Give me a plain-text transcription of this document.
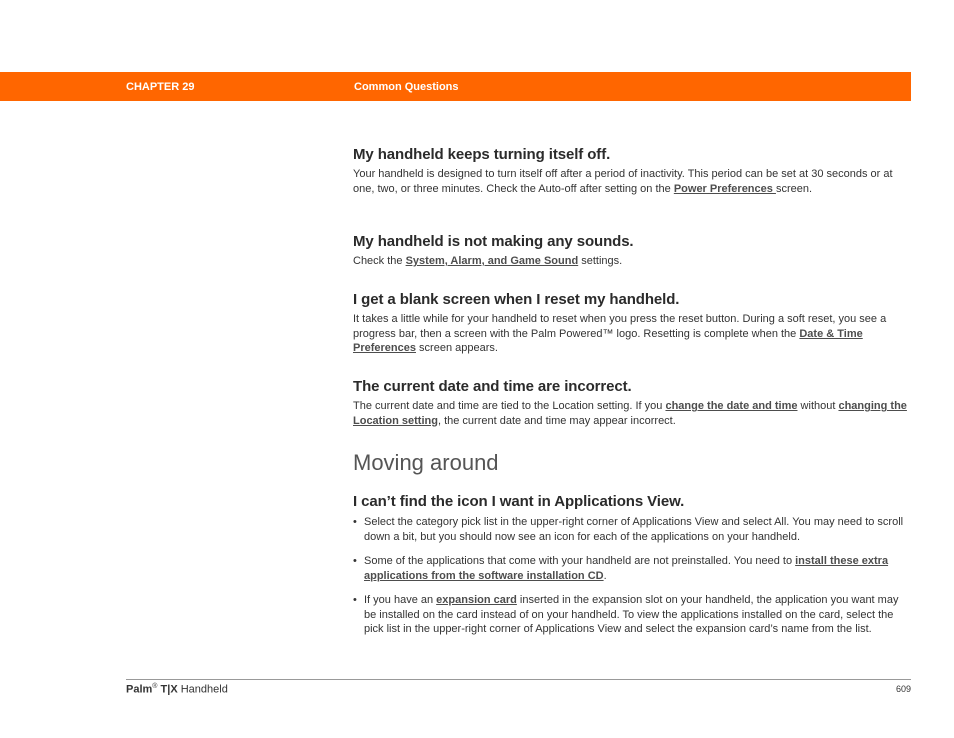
CHAPTER 29	Common Questions
My handheld keeps turning itself off.

Your handheld is designed to turn itself off after a period of inactivity. This period can be set at 30 seconds or at one, two, or three minutes. Check the Auto-off after setting on the Power Preferences screen.

My handheld is not making any sounds.

Check the System, Alarm, and Game Sound settings.

I get a blank screen when I reset my handheld.

It takes a little while for your handheld to reset when you press the reset button. During a soft reset, you see a progress bar, then a screen with the Palm Powered™ logo. Resetting is complete when the Date & Time Preferences screen appears.

The current date and time are incorrect.

The current date and time are tied to the Location setting. If you change the date and time without changing the Location setting, the current date and time may appear incorrect.

Moving around
I can’t find the icon I want in Applications View.
• Select the category pick list in the upper-right corner of Applications View and select All. You may need to scroll down a bit, but you should now see an icon for each of the applications on your handheld.
• Some of the applications that come with your handheld are not preinstalled. You need to install these extra applications from the software installation CD.
• If you have an expansion card inserted in the expansion slot on your handheld, the application you want may be installed on the card instead of on your handheld. To view the applications installed on the card, select the pick list in the upper-right corner of Applications View and select the expansion card’s name from the list.
Palm® T|X Handheld	609
